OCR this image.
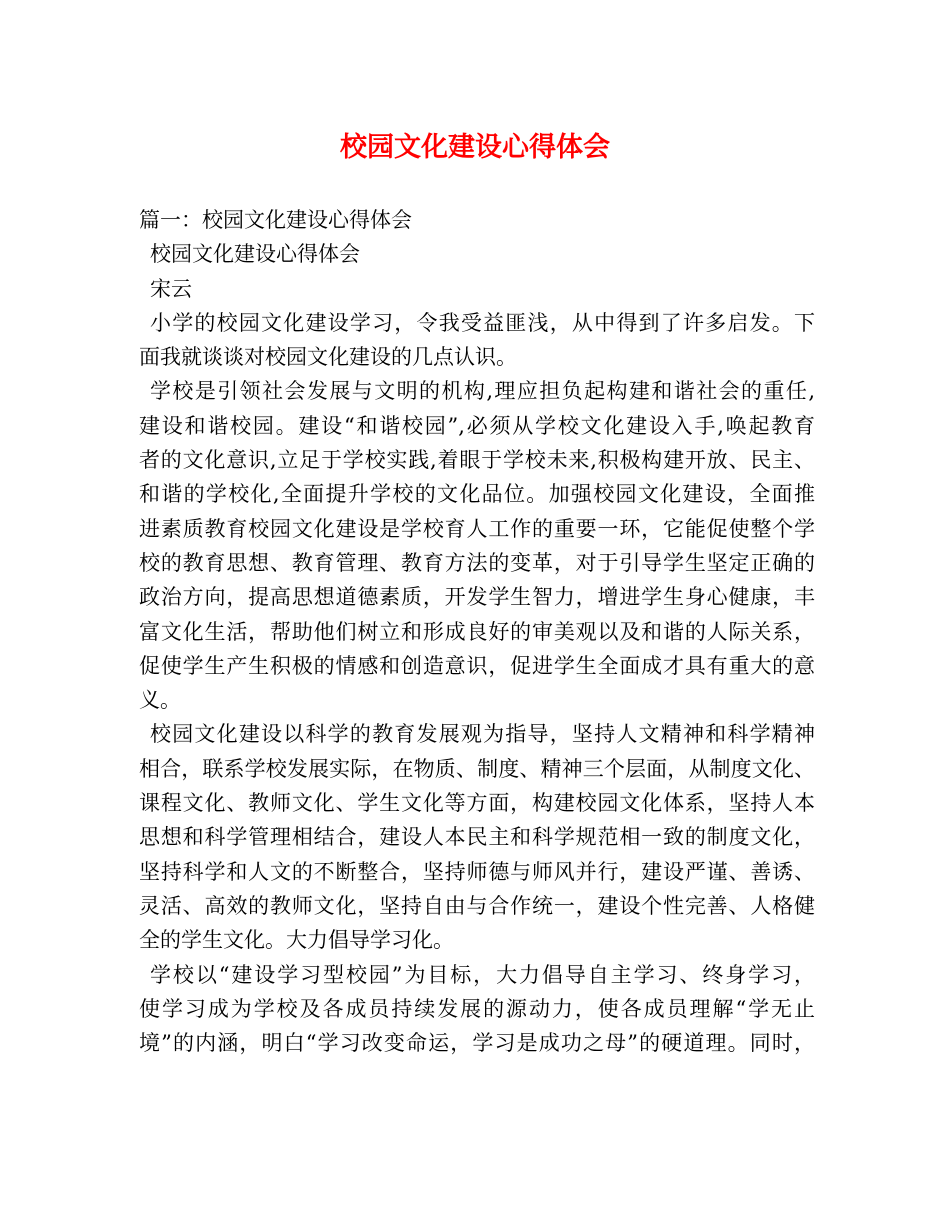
校园文化建设心得体会
篇一：校园文化建设心得体会
校园文化建设心得体会
宋云
小学的校园文化建设学习，令我受益匪浅，从中得到了许多启发。下
面我就谈谈对校园文化建设的几点认识。
学校是引领社会发展与文明的机构,理应担负起构建和谐社会的重任,
建设和谐校园。建设“和谐校园”,必须从学校文化建设入手,唤起教育
者的文化意识,立足于学校实践,着眼于学校未来,积极构建开放、民主、
和谐的学校化,全面提升学校的文化品位。加强校园文化建设，全面推
进素质教育校园文化建设是学校育人工作的重要一环，它能促使整个学
校的教育思想、教育管理、教育方法的变革，对于引导学生坚定正确的
政治方向，提高思想道德素质，开发学生智力，增进学生身心健康，丰
富文化生活，帮助他们树立和形成良好的审美观以及和谐的人际关系，
促使学生产生积极的情感和创造意识，促进学生全面成才具有重大的意
义。
校园文化建设以科学的教育发展观为指导，坚持人文精神和科学精神
相合，联系学校发展实际，在物质、制度、精神三个层面，从制度文化、
课程文化、教师文化、学生文化等方面，构建校园文化体系，坚持人本
思想和科学管理相结合，建设人本民主和科学规范相一致的制度文化，
坚持科学和人文的不断整合，坚持师德与师风并行，建设严谨、善诱、
灵活、高效的教师文化，坚持自由与合作统一，建设个性完善、人格健
全的学生文化。大力倡导学习化。
学校以“建设学习型校园”为目标，大力倡导自主学习、终身学习，
使学习成为学校及各成员持续发展的源动力，使各成员理解“学无止
境”的内涵，明白“学习改变命运，学习是成功之母”的硬道理。同时，
